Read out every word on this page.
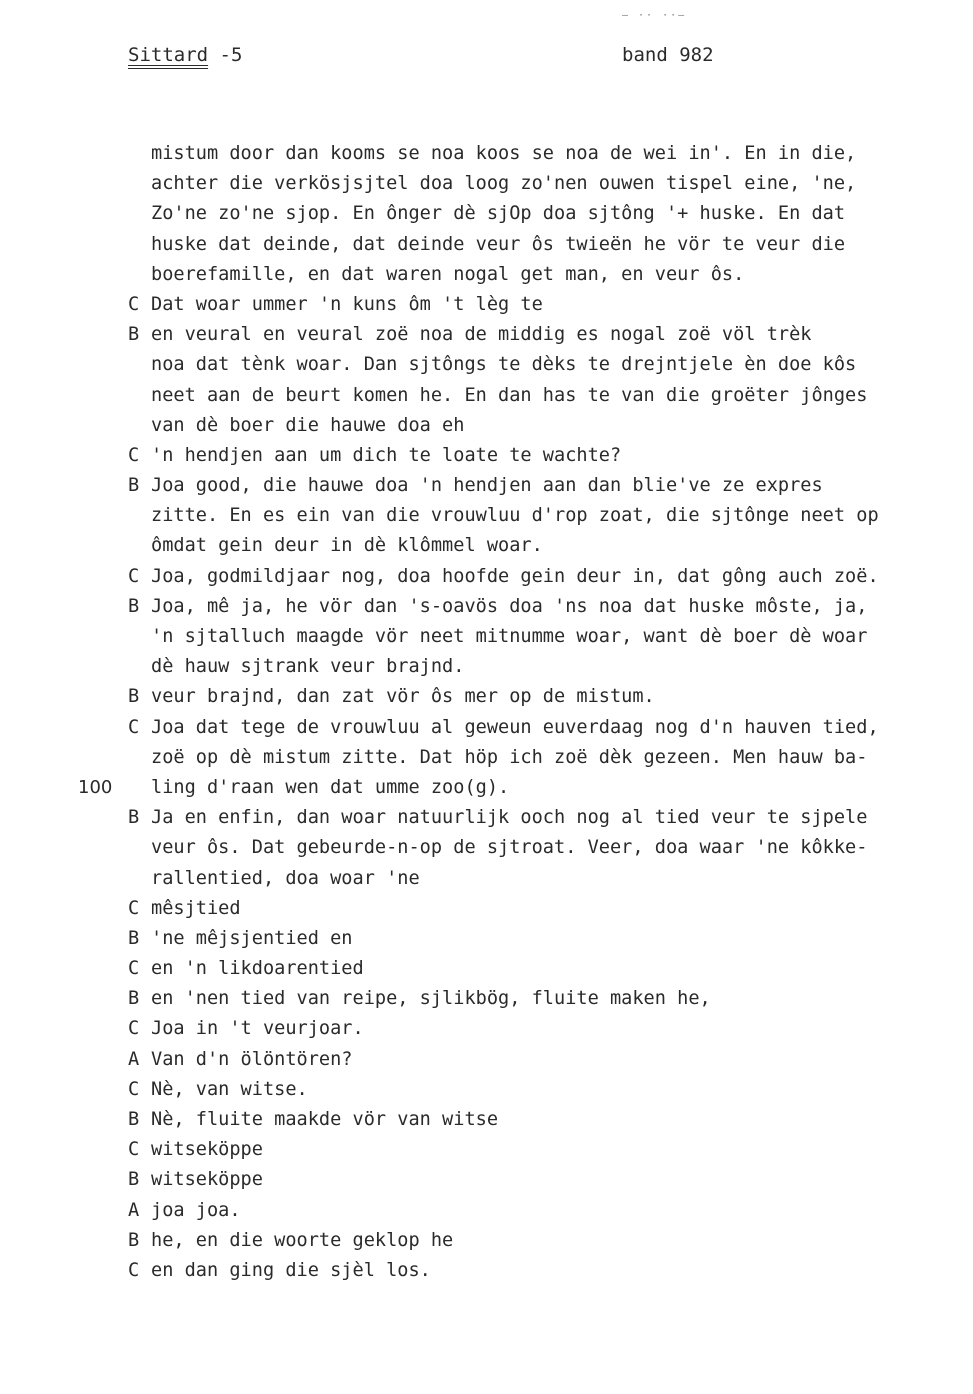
– ·· ··–
Sittard -5	band 982
mistum door dan kooms se noa koos se noa de wei in'. En in die,
achter die verkösjsjtel doa loog zo'nen ouwen tispel eine, 'ne,
Zo'ne zo'ne sjop. En ônger dè sjOp doa sjtông '+ huske. En dat
huske dat deinde, dat deinde veur ôs twieën he vör te veur die
boerefamille, en dat waren nogal get man, en veur ôs.
C Dat woar ummer 'n kuns ôm 't lèg te
B en veural en veural zoë noa de middig es nogal zoë völ trèk
noa dat tènk woar. Dan sjtôngs te dèks te drejntjele èn doe kôs
neet aan de beurt komen he. En dan has te van die groëter jônges
van dè boer die hauwe doa eh
C 'n hendjen aan um dich te loate te wachte?
B Joa good, die hauwe doa 'n hendjen aan dan blie've ze expres
zitte. En es ein van die vrouwluu d'rop zoat, die sjtônge neet op
ômdat gein deur in dè klômmel woar.
C Joa, godmildjaar nog, doa hoofde gein deur in, dat gông auch zoë.
B Joa, mê ja, he vör dan 's-oavös doa 'ns noa dat huske môste, ja,
'n sjtalluch maagde vör neet mitnumme woar, want dè boer dè woar
dè hauw sjtrank veur brajnd.
B veur brajnd, dan zat vör ôs mer op de mistum.
C Joa dat tege de vrouwluu al geweun euverdaag nog d'n hauven tied,
zoë op dè mistum zitte. Dat höp ich zoë dèk gezeen. Men hauw ba-
ling d'raan wen dat umme zoo(g).
100
B Ja en enfin, dan woar natuurlijk ooch nog al tied veur te sjpele
veur ôs. Dat gebeurde-n-op de sjtroat. Veer, doa waar 'ne kôkke-
rallentied, doa woar 'ne
C mêsjtied
B 'ne mêjsjentied en
C en 'n likdoarentied
B en 'nen tied van reipe, sjlikbög, fluite maken he,
C Joa in 't veurjoar.
A Van d'n ölöntören?
C Nè, van witse.
B Nè, fluite maakde vör van witse
C witseköppe
B witseköppe
A joa joa.
B he, en die woorte geklop he
C en dan ging die sjèl los.
